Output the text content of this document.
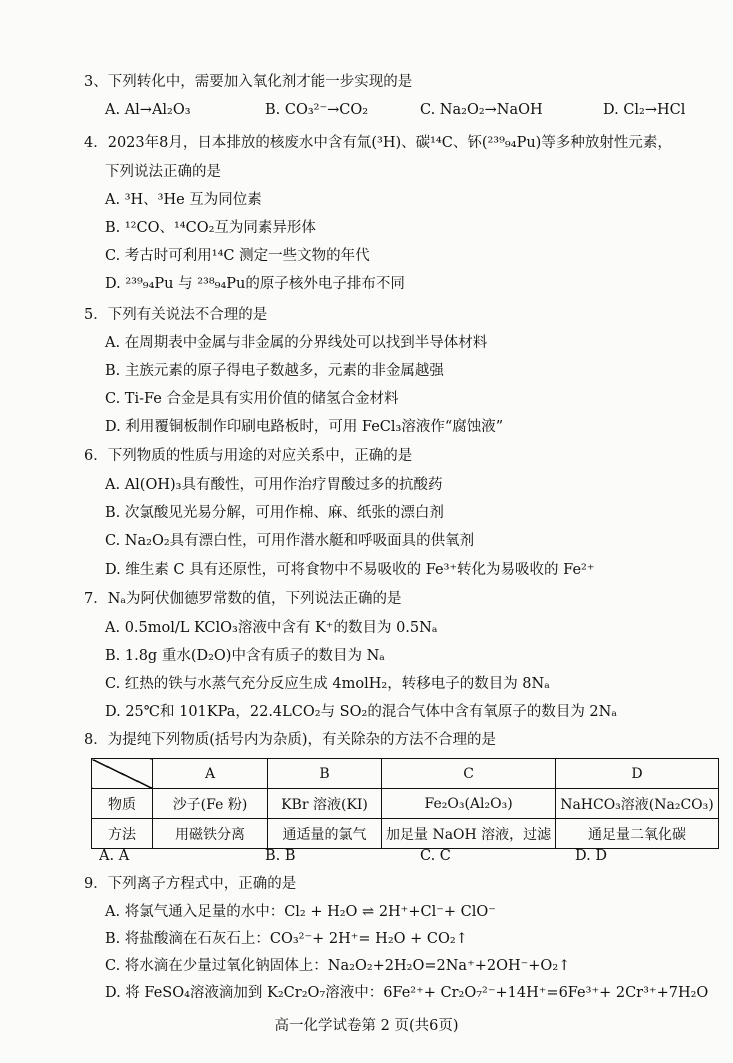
3、下列转化中，需要加入氧化剂才能一步实现的是
A. Al→Al₂O₃	B. CO₃²⁻→CO₂	C. Na₂O₂→NaOH	D. Cl₂→HCl
4．2023年8月，日本排放的核废水中含有氚(³H)、碳¹⁴C、钚(²³⁹₉₄Pu)等多种放射性元素，
下列说法正确的是
A. ³H、³He 互为同位素
B. ¹²CO、¹⁴CO₂互为同素异形体
C. 考古时可利用¹⁴C 测定一些文物的年代
D. ²³⁹₉₄Pu 与 ²³⁸₉₄Pu的原子核外电子排布不同
5．下列有关说法不合理的是
A. 在周期表中金属与非金属的分界线处可以找到半导体材料
B. 主族元素的原子得电子数越多，元素的非金属越强
C. Ti-Fe 合金是具有实用价值的储氢合金材料
D. 利用覆铜板制作印刷电路板时，可用 FeCl₃溶液作“腐蚀液”
6．下列物质的性质与用途的对应关系中，正确的是
A. Al(OH)₃具有酸性，可用作治疗胃酸过多的抗酸药
B. 次氯酸见光易分解，可用作棉、麻、纸张的漂白剂
C. Na₂O₂具有漂白性，可用作潜水艇和呼吸面具的供氧剂
D. 维生素 C 具有还原性，可将食物中不易吸收的 Fe³⁺转化为易吸收的 Fe²⁺
7．Nₐ为阿伏伽德罗常数的值，下列说法正确的是
A. 0.5mol/L KClO₃溶液中含有 K⁺的数目为 0.5Nₐ
B. 1.8g 重水(D₂O)中含有质子的数目为 Nₐ
C. 红热的铁与水蒸气充分反应生成 4molH₂，转移电子的数目为 8Nₐ
D. 25℃和 101KPa，22.4LCO₂与 SO₂的混合气体中含有氧原子的数目为 2Nₐ
8．为提纯下列物质(括号内为杂质)，有关除杂的方法不合理的是
	A	B	C	D
物质	沙子(Fe 粉)	KBr 溶液(KI)	Fe₂O₃(Al₂O₃)	NaHCO₃溶液(Na₂CO₃)
方法	用磁铁分离	通适量的氯气	加足量 NaOH 溶液，过滤	通足量二氧化碳
A. A	B. B	C. C	D. D
9．下列离子方程式中，正确的是
A. 将氯气通入足量的水中：Cl₂ + H₂O ⇌ 2H⁺+Cl⁻+ ClO⁻
B. 将盐酸滴在石灰石上：CO₃²⁻+ 2H⁺= H₂O + CO₂↑
C. 将水滴在少量过氧化钠固体上：Na₂O₂+2H₂O=2Na⁺+2OH⁻+O₂↑
D. 将 FeSO₄溶液滴加到 K₂Cr₂O₇溶液中：6Fe²⁺+ Cr₂O₇²⁻+14H⁺=6Fe³⁺+ 2Cr³⁺+7H₂O
高一化学试卷第 2 页(共6页)
